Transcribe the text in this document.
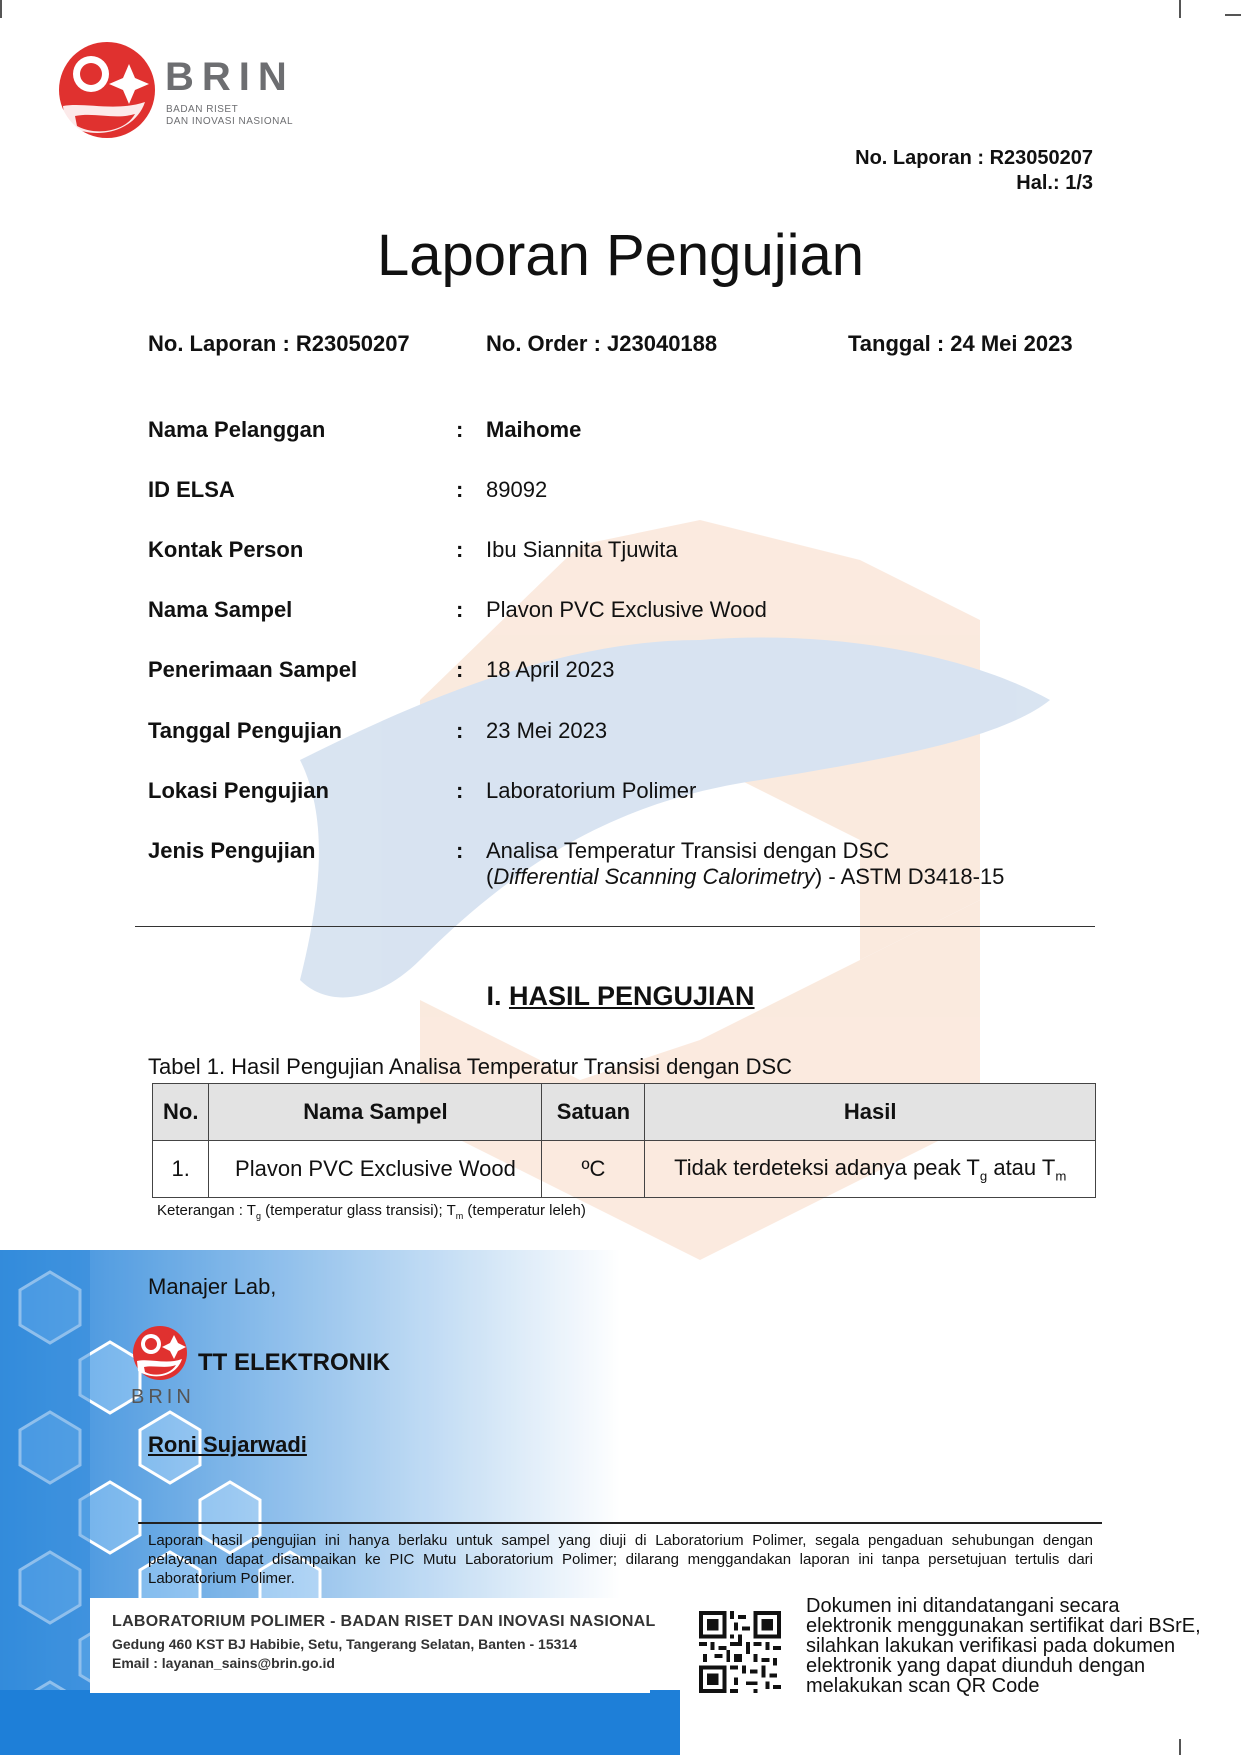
BRIN
BADAN RISET
DAN INOVASI NASIONAL
No. Laporan : R23050207
Hal.: 1/3
Laporan Pengujian
No. Laporan : R23050207	No. Order : J23040188	Tanggal : 24 Mei 2023
Nama Pelanggan	: Maihome
ID ELSA	: 89092
Kontak Person	: Ibu Siannita Tjuwita
Nama Sampel	: Plavon PVC Exclusive Wood
Penerimaan Sampel	: 18 April 2023
Tanggal Pengujian	: 23 Mei 2023
Lokasi Pengujian	: Laboratorium Polimer
Jenis Pengujian	: Analisa Temperatur Transisi dengan DSC
(Differential Scanning Calorimetry) - ASTM D3418-15
I. HASIL PENGUJIAN
Tabel 1. Hasil Pengujian Analisa Temperatur Transisi dengan DSC
No.	Nama Sampel	Satuan	Hasil
1.	Plavon PVC Exclusive Wood	ºC	Tidak terdeteksi adanya peak $T_g$ atau $T_m$
Keterangan : $T_g$ (temperatur glass transisi); $T_m$ (temperatur leleh)
Manajer Lab,
BRIN
TT ELEKTRONIK
Roni Sujarwadi
Laporan hasil pengujian ini hanya berlaku untuk sampel yang diuji di Laboratorium Polimer, segala pengaduan sehubungan dengan pelayanan dapat disampaikan ke PIC Mutu Laboratorium Polimer; dilarang menggandakan laporan ini tanpa persetujuan tertulis dari Laboratorium Polimer.
LABORATORIUM POLIMER - BADAN RISET DAN INOVASI NASIONAL
Gedung 460 KST BJ Habibie, Setu, Tangerang Selatan, Banten - 15314
Email : layanan_sains@brin.go.id
Dokumen ini ditandatangani secara elektronik menggunakan sertifikat dari BSrE, silahkan lakukan verifikasi pada dokumen elektronik yang dapat diunduh dengan melakukan scan QR Code
